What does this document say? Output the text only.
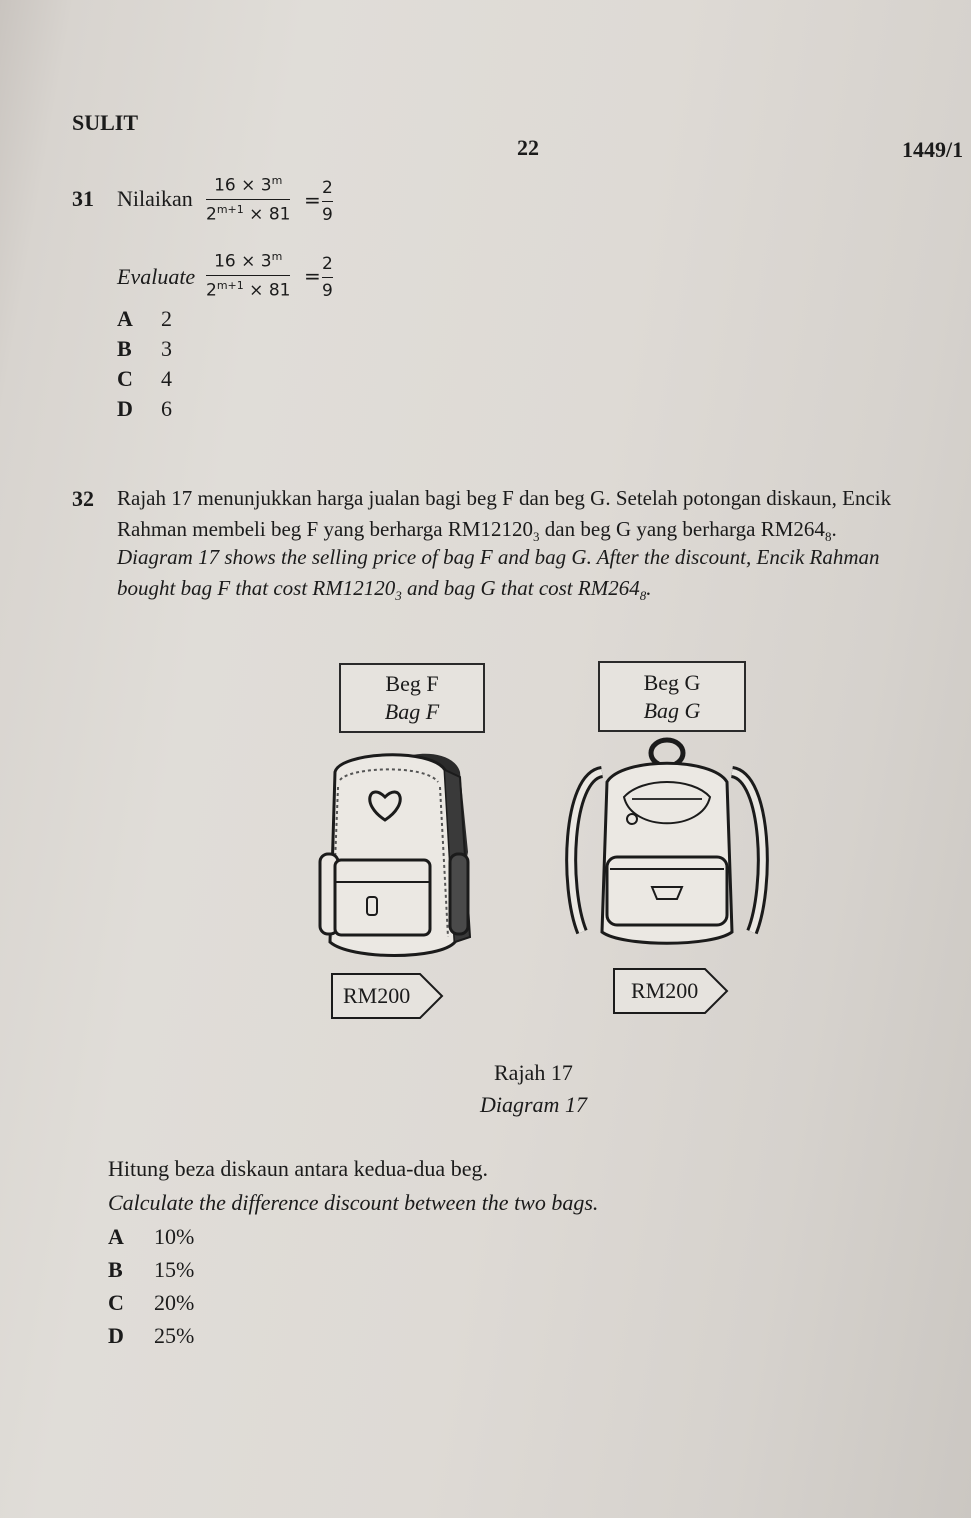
SULIT
22	1449/1
31 Nilaikan
$16 \times 3^m$
$2^{m+1} \times 81$
= 2
9
Evaluate
$16 \times 3^m$
$2^{m+1} \times 81$
= 2
9
A 2
B 3
C 4
D 6
32 Rajah 17 menunjukkan harga jualan bagi beg F dan beg G. Setelah potongan diskaun, Encik
Rahman membeli beg F yang berharga $RM12120_3$ dan beg G yang berharga $RM264_8$.
Diagram 17 shows the selling price of bag F and bag G. After the discount, Encik Rahman
bought bag F that cost $RM12120_3$ and bag G that cost $RM264_8$.
Beg F
Bag F
Beg G
Bag G
RM200	RM200
Rajah 17
Diagram 17
Hitung beza diskaun antara kedua-dua beg.
Calculate the difference discount between the two bags.
A 10%
B 15%
C 20%
D 25%
